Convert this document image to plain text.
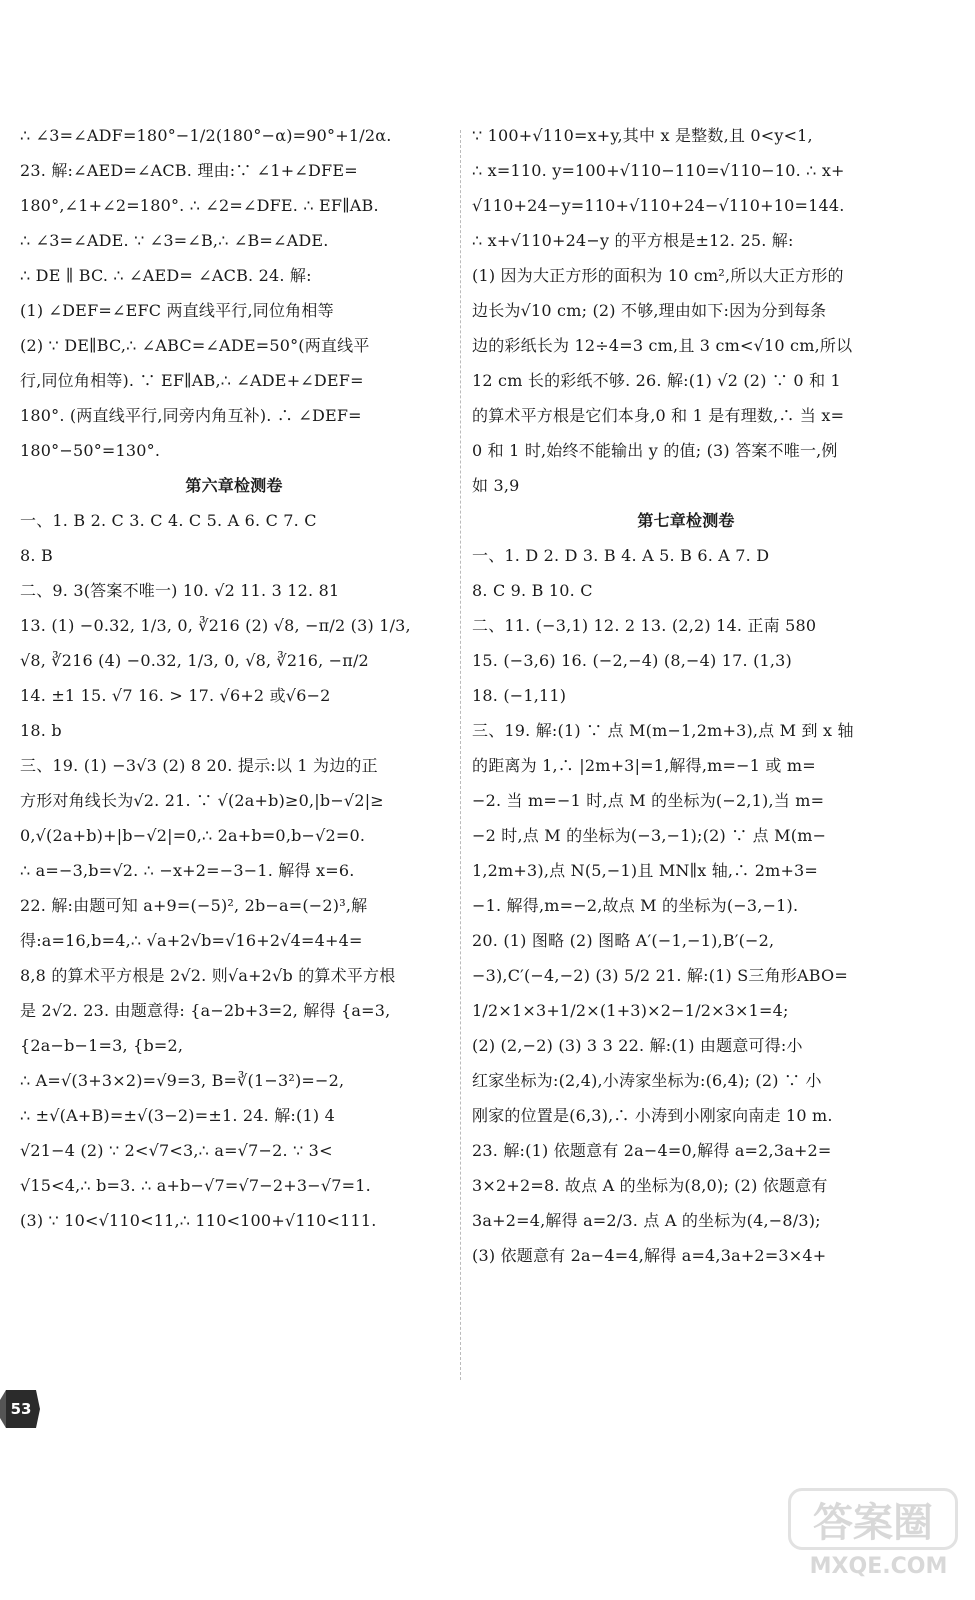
∴ ∠3=∠ADF=180°−1/2(180°−α)=90°+1/2α.
23. 解:∠AED=∠ACB. 理由:∵ ∠1+∠DFE=
180°,∠1+∠2=180°. ∴ ∠2=∠DFE. ∴ EF∥AB.
∴ ∠3=∠ADE. ∵ ∠3=∠B,∴ ∠B=∠ADE.
∴ DE ∥ BC. ∴ ∠AED= ∠ACB. 24. 解:
(1) ∠DEF=∠EFC 两直线平行,同位角相等
(2) ∵ DE∥BC,∴ ∠ABC=∠ADE=50°(两直线平
行,同位角相等). ∵ EF∥AB,∴ ∠ADE+∠DEF=
180°. (两直线平行,同旁内角互补). ∴ ∠DEF=
180°−50°=130°.
第六章检测卷
一、1. B 2. C 3. C 4. C 5. A 6. C 7. C
8. B
二、9. 3(答案不唯一) 10. √2 11. 3 12. 81
13. (1) −0.32, 1/3, 0, ∛216 (2) √8, −π/2 (3) 1/3,
√8, ∛216 (4) −0.32, 1/3, 0, √8, ∛216, −π/2
14. ±1 15. √7 16. > 17. √6+2 或√6−2
18. b
三、19. (1) −3√3 (2) 8 20. 提示:以 1 为边的正
方形对角线长为√2. 21. ∵ √(2a+b)≥0,|b−√2|≥
0,√(2a+b)+|b−√2|=0,∴ 2a+b=0,b−√2=0.
∴ a=−3,b=√2. ∴ −x+2=−3−1. 解得 x=6.
22. 解:由题可知 a+9=(−5)², 2b−a=(−2)³,解
得:a=16,b=4,∴ √a+2√b=√16+2√4=4+4=
8,8 的算术平方根是 2√2. 则√a+2√b 的算术平方根
是 2√2. 23. 由题意得: {a−2b+3=2, 解得 {a=3,
{2a−b−1=3, {b=2,
∴ A=√(3+3×2)=√9=3, B=∛(1−3²)=−2,
∴ ±√(A+B)=±√(3−2)=±1. 24. 解:(1) 4
√21−4 (2) ∵ 2<√7<3,∴ a=√7−2. ∵ 3<
√15<4,∴ b=3. ∴ a+b−√7=√7−2+3−√7=1.
(3) ∵ 10<√110<11,∴ 110<100+√110<111.
∵ 100+√110=x+y,其中 x 是整数,且 0<y<1,
∴ x=110. y=100+√110−110=√110−10. ∴ x+
√110+24−y=110+√110+24−√110+10=144.
∴ x+√110+24−y 的平方根是±12. 25. 解:
(1) 因为大正方形的面积为 10 cm²,所以大正方形的
边长为√10 cm; (2) 不够,理由如下:因为分到每条
边的彩纸长为 12÷4=3 cm,且 3 cm<√10 cm,所以
12 cm 长的彩纸不够. 26. 解:(1) √2 (2) ∵ 0 和 1
的算术平方根是它们本身,0 和 1 是有理数,∴ 当 x=
0 和 1 时,始终不能输出 y 的值; (3) 答案不唯一,例
如 3,9
第七章检测卷
一、1. D 2. D 3. B 4. A 5. B 6. A 7. D
8. C 9. B 10. C
二、11. (−3,1) 12. 2 13. (2,2) 14. 正南 580
15. (−3,6) 16. (−2,−4) (8,−4) 17. (1,3)
18. (−1,11)
三、19. 解:(1) ∵ 点 M(m−1,2m+3),点 M 到 x 轴
的距离为 1,∴ |2m+3|=1,解得,m=−1 或 m=
−2. 当 m=−1 时,点 M 的坐标为(−2,1),当 m=
−2 时,点 M 的坐标为(−3,−1);(2) ∵ 点 M(m−
1,2m+3),点 N(5,−1)且 MN∥x 轴,∴ 2m+3=
−1. 解得,m=−2,故点 M 的坐标为(−3,−1).
20. (1) 图略 (2) 图略 A′(−1,−1),B′(−2,
−3),C′(−4,−2) (3) 5/2 21. 解:(1) S三角形ABO=
1/2×1×3+1/2×(1+3)×2−1/2×3×1=4;
(2) (2,−2) (3) 3 3 22. 解:(1) 由题意可得:小
红家坐标为:(2,4),小涛家坐标为:(6,4); (2) ∵ 小
刚家的位置是(6,3),∴ 小涛到小刚家向南走 10 m.
23. 解:(1) 依题意有 2a−4=0,解得 a=2,3a+2=
3×2+2=8. 故点 A 的坐标为(8,0); (2) 依题意有
3a+2=4,解得 a=2/3. 点 A 的坐标为(4,−8/3);
(3) 依题意有 2a−4=4,解得 a=4,3a+2=3×4+
53
答案圈
MXQE.COM
